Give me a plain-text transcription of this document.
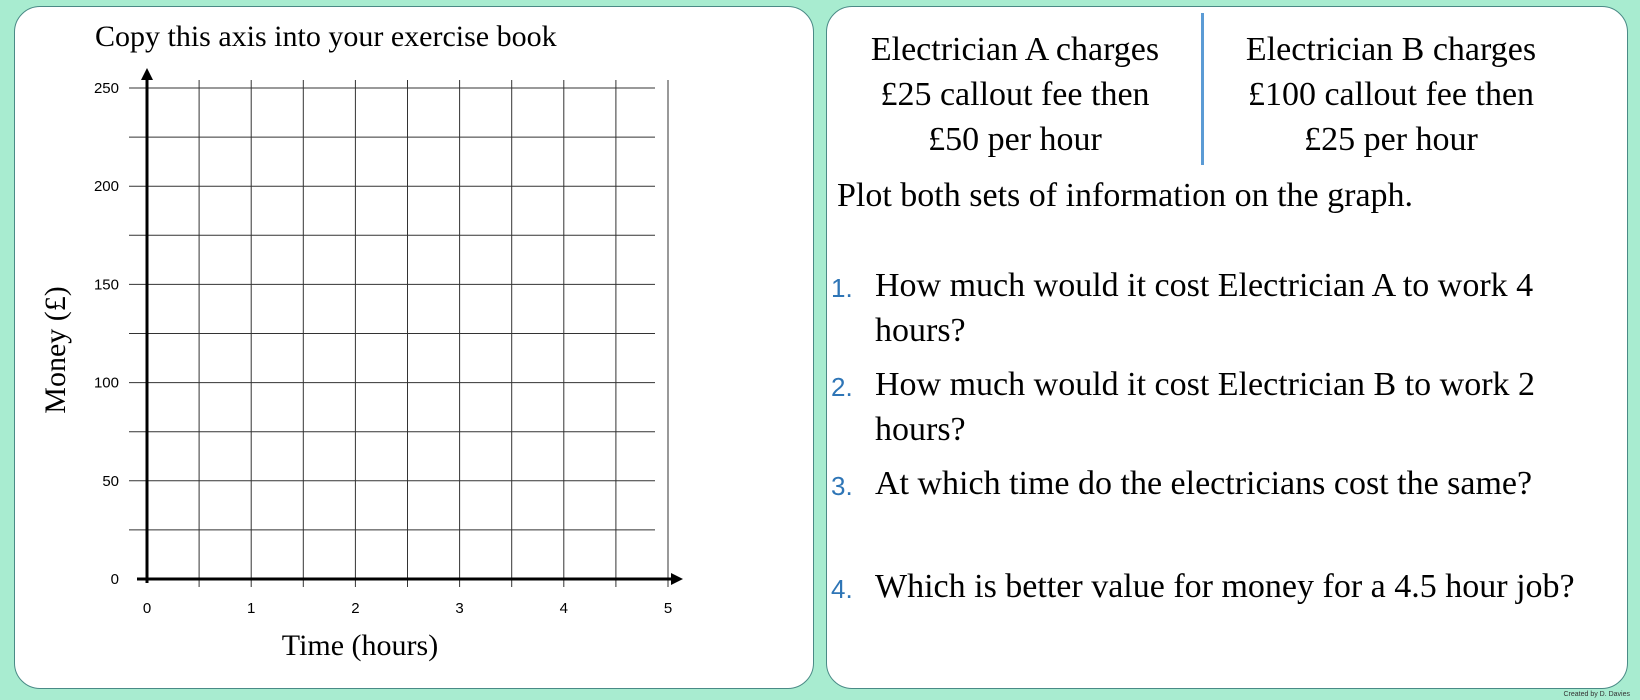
Copy this axis into your exercise book
0	1	2	3	4	5
0
50
100
150
200
250
Time (hours)
Money (£)
Electrician A charges
£25 callout fee then
£50 per hour
Electrician B charges
£100 callout fee then
£25 per hour
Plot both sets of information on the graph.
1. How much would it cost Electrician A to work 4 hours?
2. How much would it cost Electrician B to work 2 hours?
3. At which time do the electricians cost the same?
4. Which is better value for money for a 4.5 hour job?
Created by D. Davies
